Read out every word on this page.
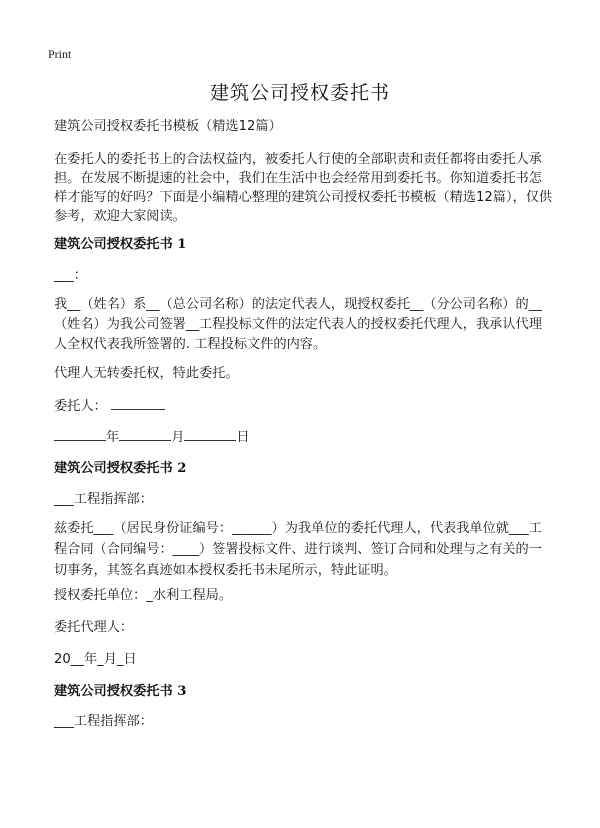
Print
建筑公司授权委托书
建筑公司授权委托书模板（精选12篇）
在委托人的委托书上的合法权益内，被委托人行使的全部职责和责任都将由委托人承担。在发展不断提速的社会中，我们在生活中也会经常用到委托书。你知道委托书怎样才能写的好吗？下面是小编精心整理的建筑公司授权委托书模板（精选12篇），仅供参考，欢迎大家阅读。
建筑公司授权委托书 1
___：
我__（姓名）系__（总公司名称）的法定代表人，现授权委托__（分公司名称）的__（姓名）为我公司签署__工程投标文件的法定代表人的授权委托代理人，我承认代理人全权代表我所签署的. 工程投标文件的内容。
代理人无转委托权，特此委托。
委托人：
年	月	日
建筑公司授权委托书 2
___工程指挥部：
兹委托___（居民身份证编号：______）为我单位的委托代理人，代表我单位就___工程合同（合同编号：____）签署投标文件、进行谈判、签订合同和处理与之有关的一切事务，其签名真迹如本授权委托书未尾所示，特此证明。
授权委托单位：_水利工程局。
委托代理人：
20__年_月_日
建筑公司授权委托书 3
___工程指挥部：
